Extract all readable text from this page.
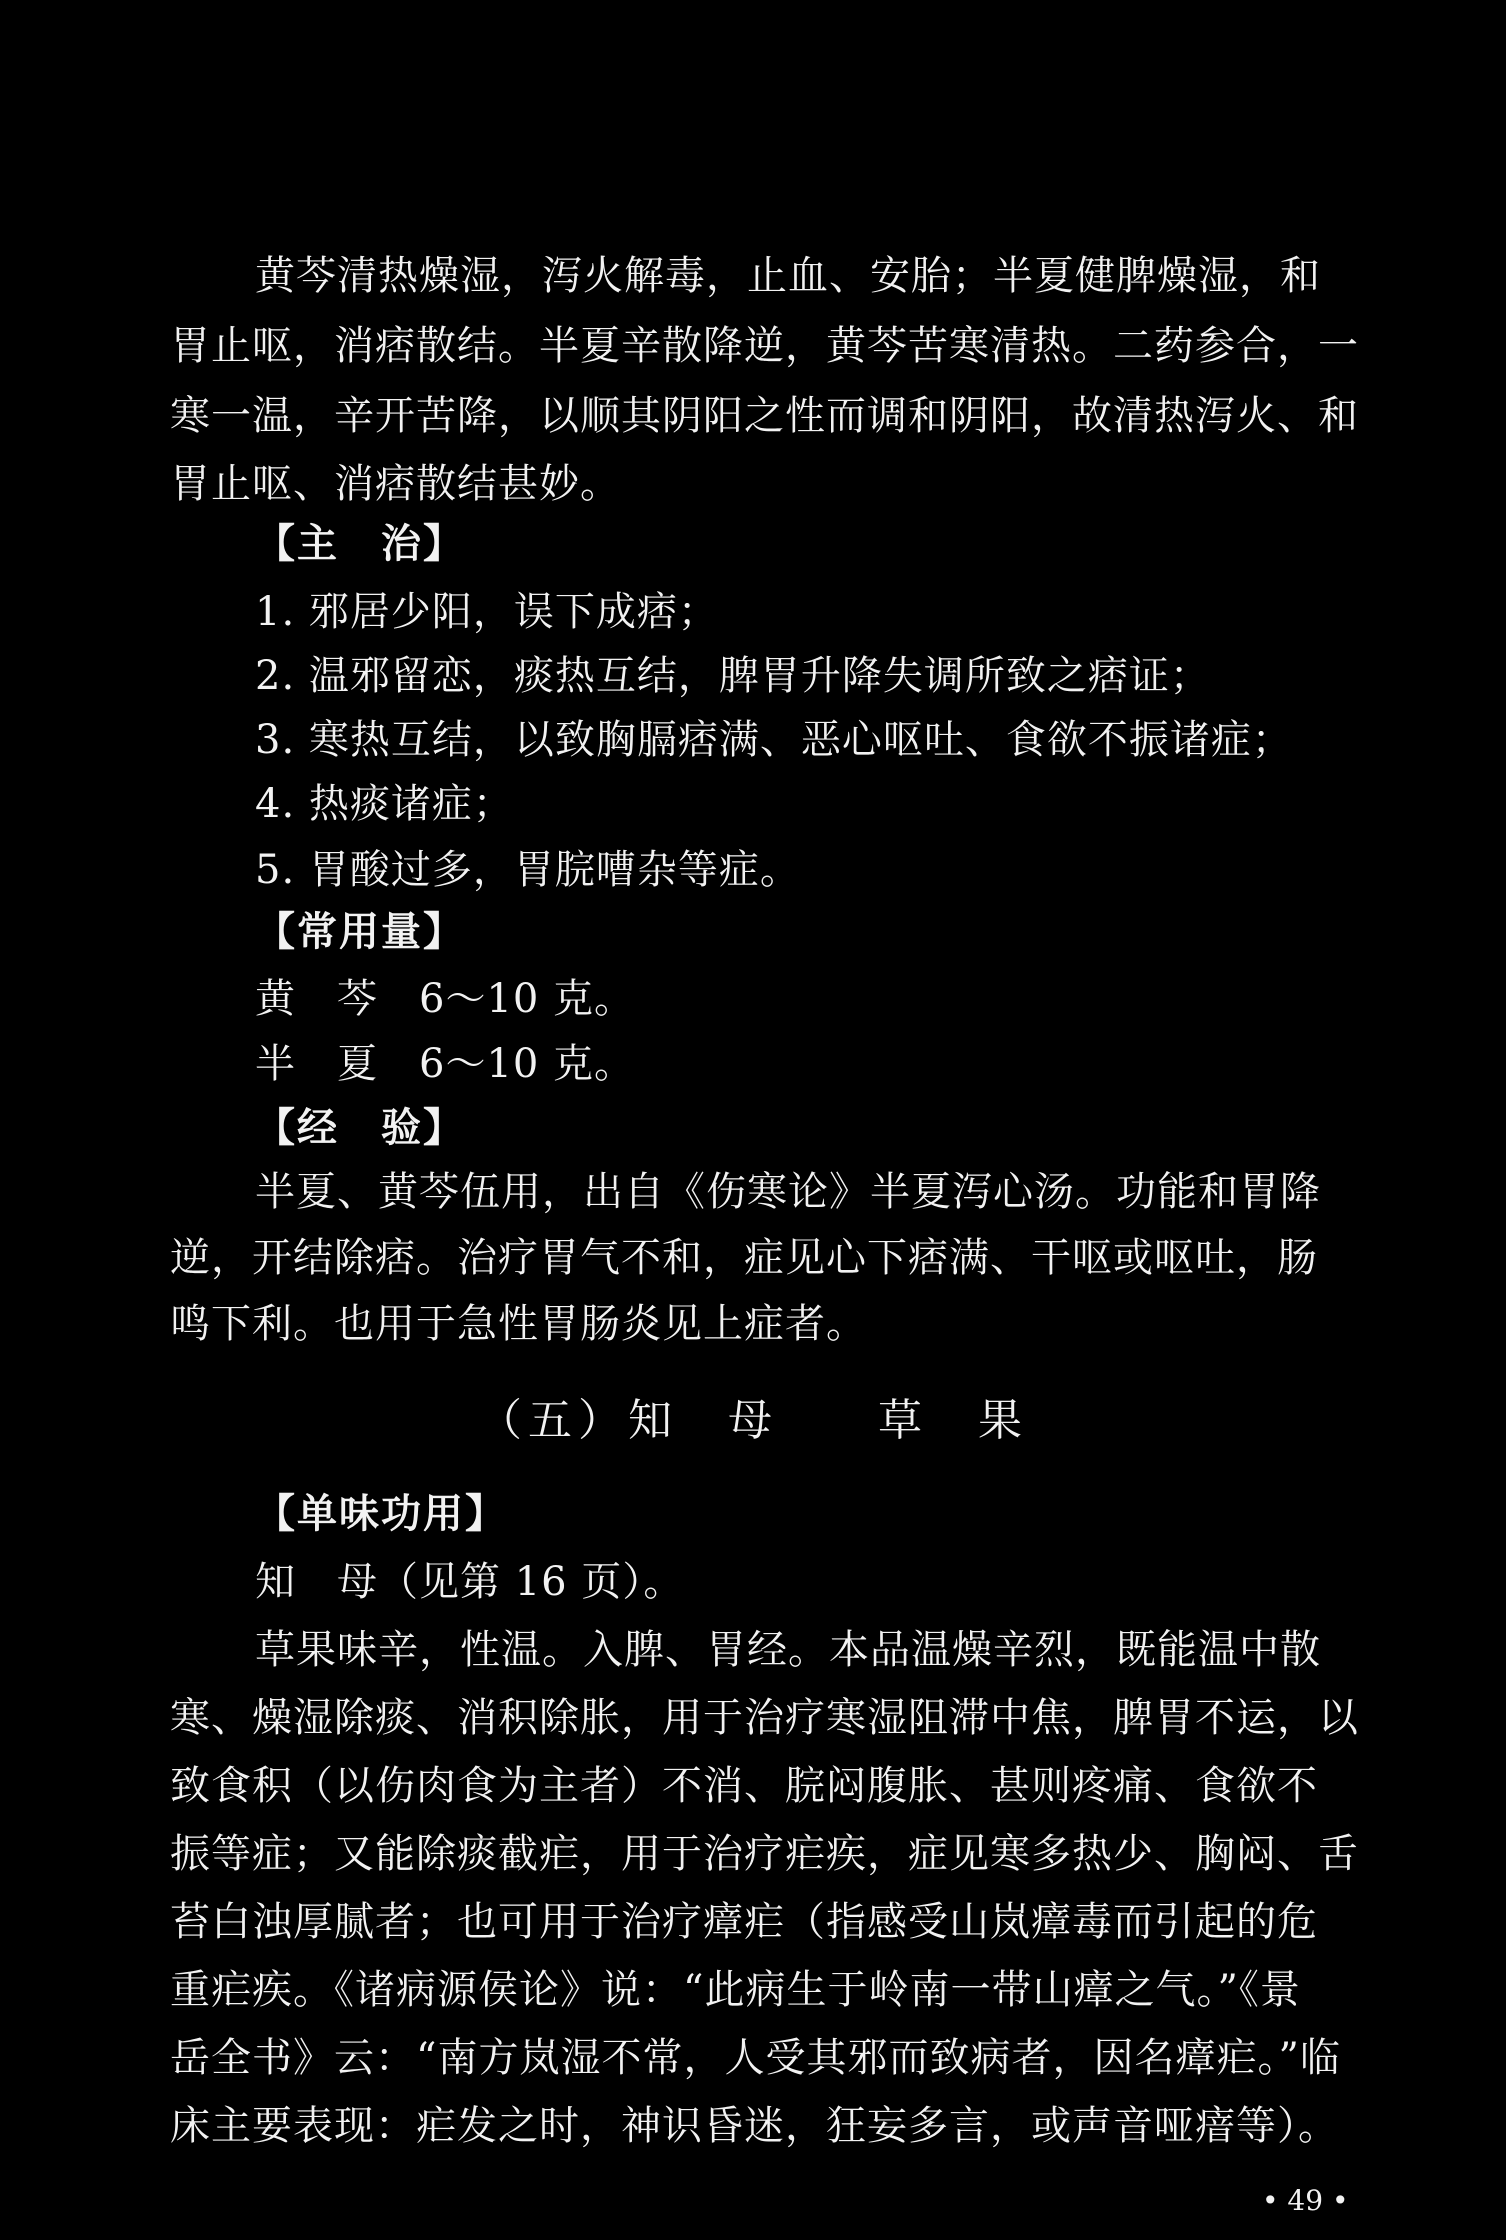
黄芩清热燥湿，泻火解毒，止血、安胎；半夏健脾燥湿，和
胃止呕，消痞散结。半夏辛散降逆，黄芩苦寒清热。二药参合，一
寒一温，辛开苦降，以顺其阴阳之性而调和阴阳，故清热泻火、和
胃止呕、消痞散结甚妙。
【主　治】
1. 邪居少阳，误下成痞；
2. 温邪留恋，痰热互结，脾胃升降失调所致之痞证；
3. 寒热互结，以致胸膈痞满、恶心呕吐、食欲不振诸症；
4. 热痰诸症；
5. 胃酸过多，胃脘嘈杂等症。
【常用量】
黄　芩　6～10 克。
半　夏　6～10 克。
【经　验】
半夏、黄芩伍用，出自《伤寒论》半夏泻心汤。功能和胃降
逆，开结除痞。治疗胃气不和，症见心下痞满、干呕或呕吐，肠
鸣下利。也用于急性胃肠炎见上症者。
（五）知　母　　草　果
【单味功用】
知　母（见第 16 页）。
草果味辛，性温。入脾、胃经。本品温燥辛烈，既能温中散
寒、燥湿除痰、消积除胀，用于治疗寒湿阻滞中焦，脾胃不运，以
致食积（以伤肉食为主者）不消、脘闷腹胀、甚则疼痛、食欲不
振等症；又能除痰截疟，用于治疗疟疾，症见寒多热少、胸闷、舌
苔白浊厚腻者；也可用于治疗瘴疟（指感受山岚瘴毒而引起的危
重疟疾。《诸病源侯论》说：“此病生于岭南一带山瘴之气。”《景
岳全书》云：“南方岚湿不常，人受其邪而致病者，因名瘴疟。”临
床主要表现：疟发之时，神识昏迷，狂妄多言，或声音哑瘖等）。
• 49 •
